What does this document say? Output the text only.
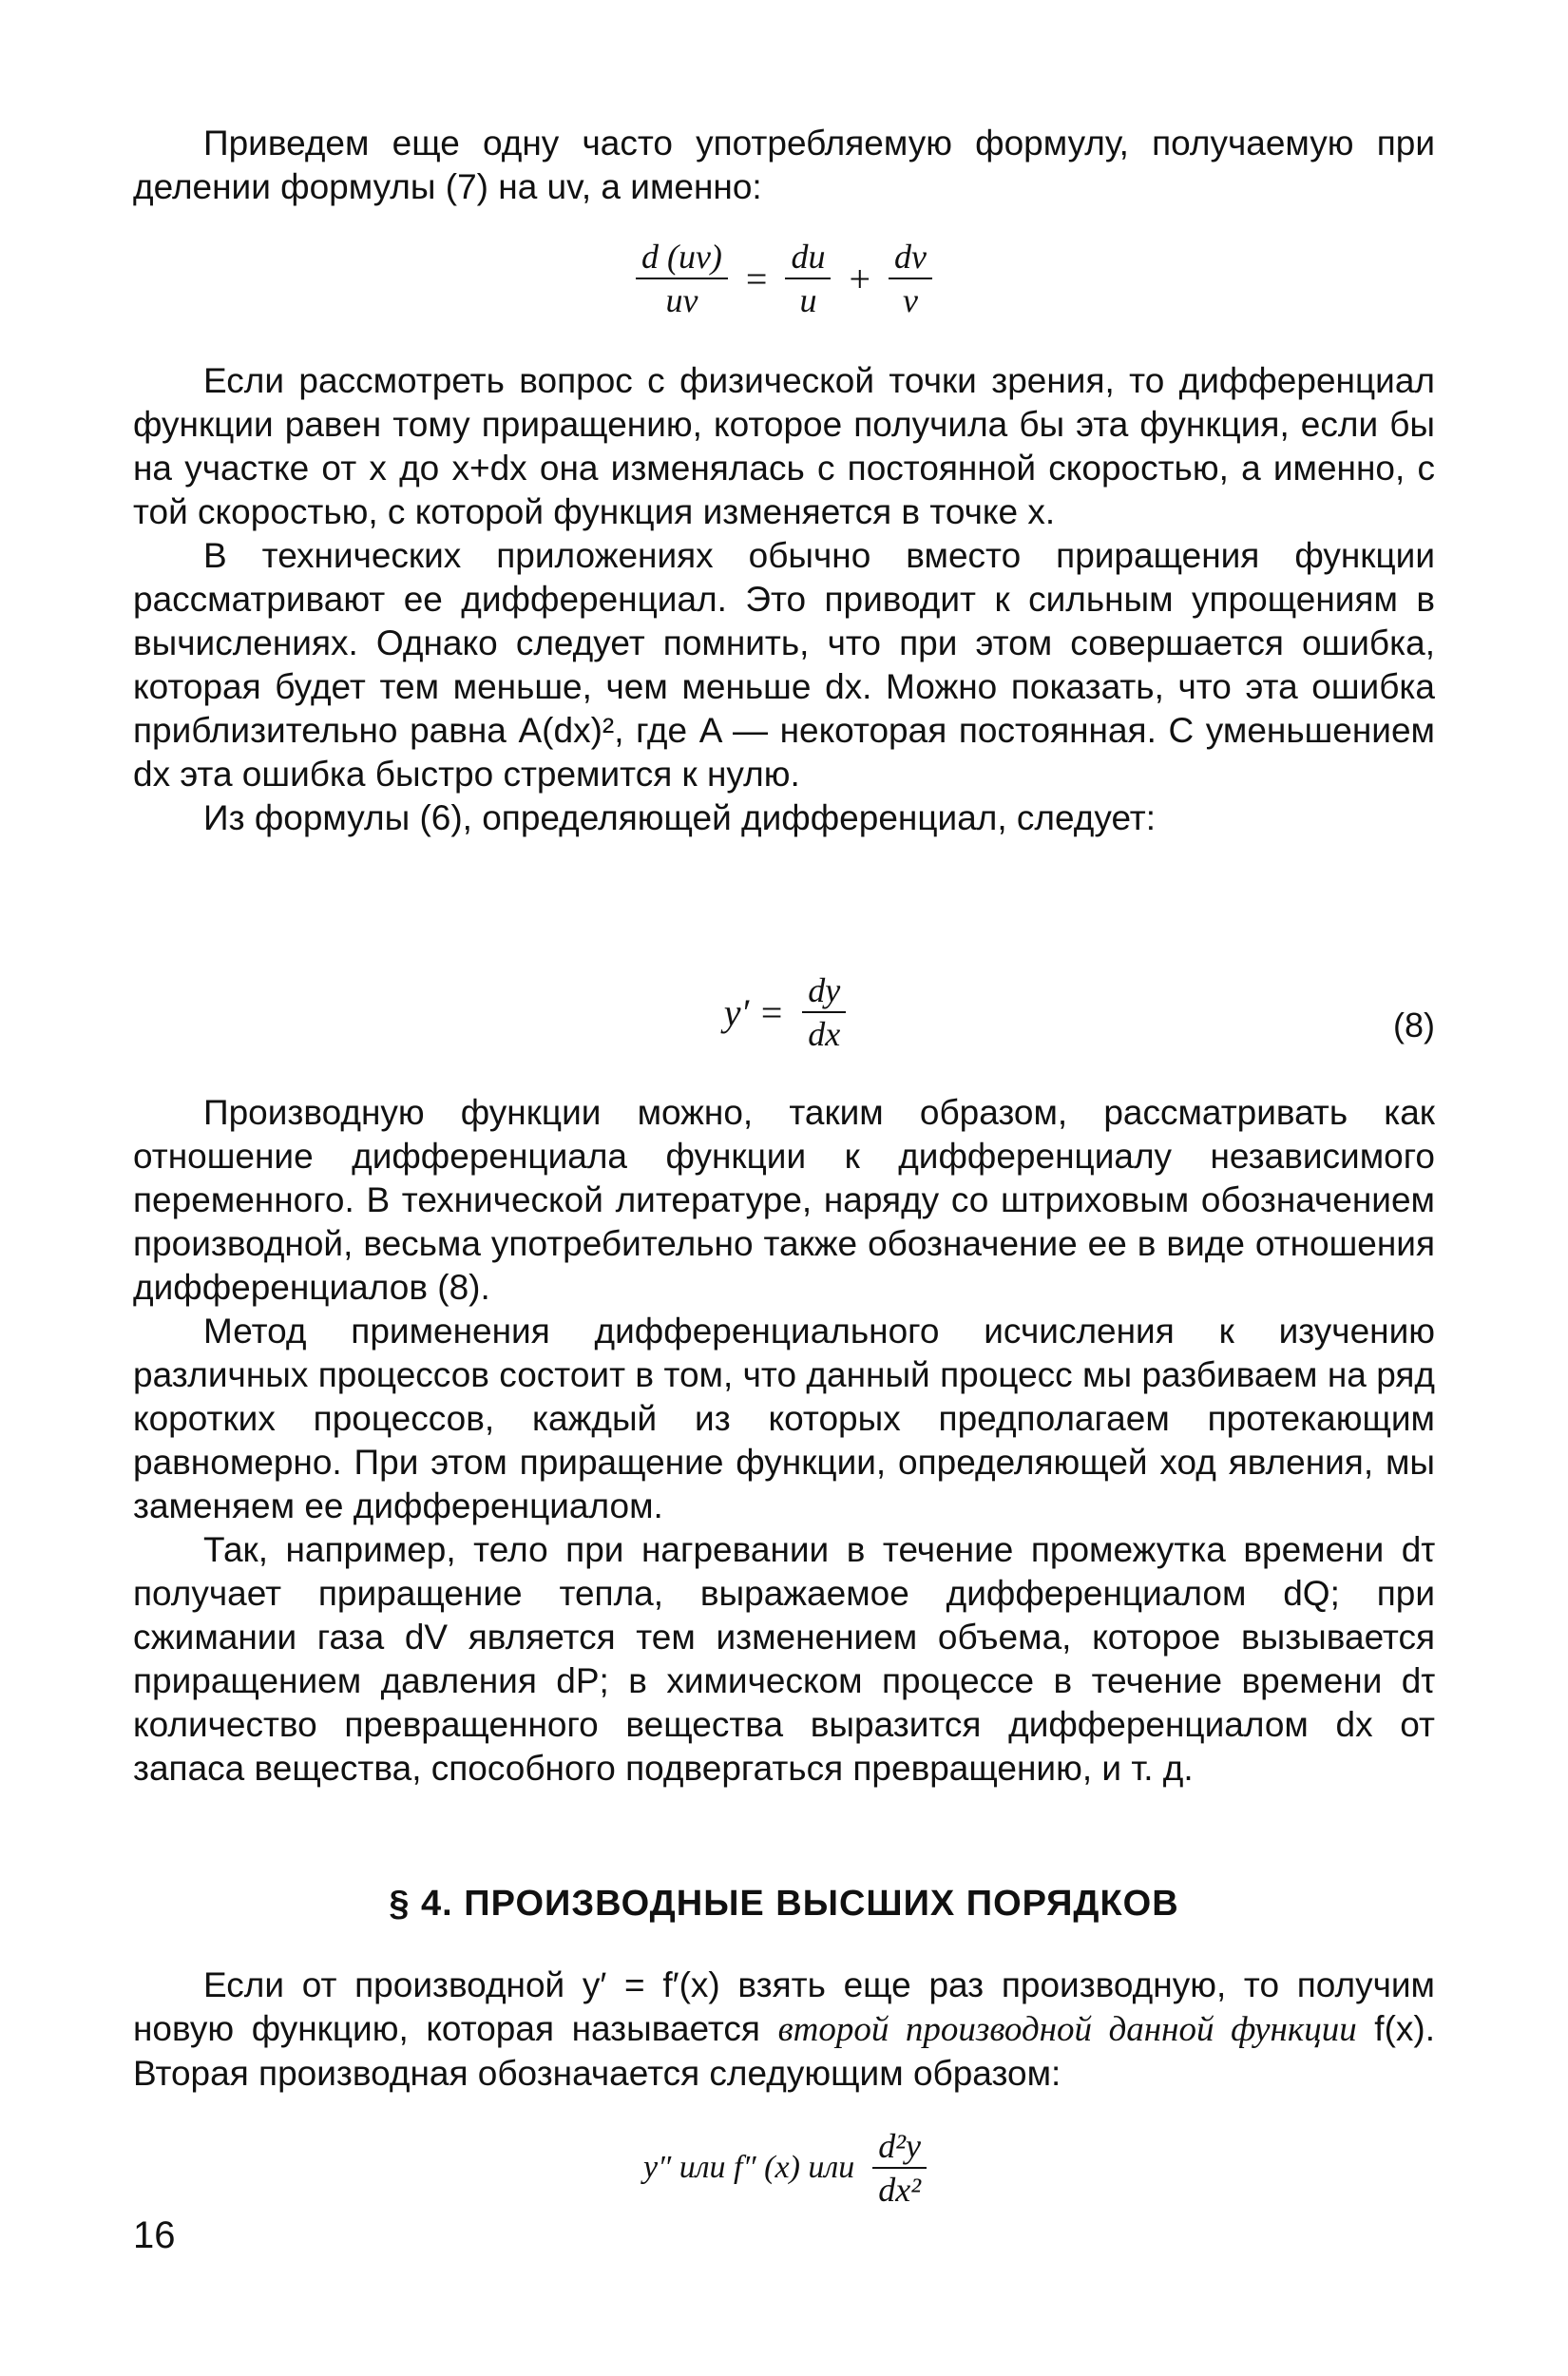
Приведем еще одну часто употребляемую формулу, получаемую при делении формулы (7) на uv, а именно:

$\frac{d (uv)}{uv} = \frac{du}{u} + \frac{dv}{v}$

Если рассмотреть вопрос с физической точки зрения, то дифференциал функции равен тому приращению, которое получила бы эта функция, если бы на участке от x до x+dx она изменялась с постоянной скоростью, а именно, с той скоростью, с которой функция изменяется в точке x.

В технических приложениях обычно вместо приращения функции рассматривают ее дифференциал. Это приводит к сильным упрощениям в вычислениях. Однако следует помнить, что при этом совершается ошибка, которая будет тем меньше, чем меньше dx. Можно показать, что эта ошибка приблизительно равна A(dx)², где A — некоторая постоянная. С уменьшением dx эта ошибка быстро стремится к нулю.

Из формулы (6), определяющей дифференциал, следует:

$y' = \frac{dy}{dx}$	(8)

Производную функции можно, таким образом, рассматривать как отношение дифференциала функции к дифференциалу независимого переменного. В технической литературе, наряду со штриховым обозначением производной, весьма употребительно также обозначение ее в виде отношения дифференциалов (8).

Метод применения дифференциального исчисления к изучению различных процессов состоит в том, что данный процесс мы разбиваем на ряд коротких процессов, каждый из которых предполагаем протекающим равномерно. При этом приращение функции, определяющей ход явления, мы заменяем ее дифференциалом.

Так, например, тело при нагревании в течение промежутка времени dτ получает приращение тепла, выражаемое дифференциалом dQ; при сжимании газа dV является тем изменением объема, которое вызывается приращением давления dP; в химическом процессе в течение времени dτ количество превращенного вещества выразится дифференциалом dx от запаса вещества, способного подвергаться превращению, и т. д.

§ 4. ПРОИЗВОДНЫЕ ВЫСШИХ ПОРЯДКОВ

Если от производной y′ = f′(x) взять еще раз производную, то получим новую функцию, которая называется второй производной данной функции f(x). Вторая производная обозначается следующим образом:

y″ или f″ (x) или $\frac{\text{d²y}}{\text{dx²}}$
16
